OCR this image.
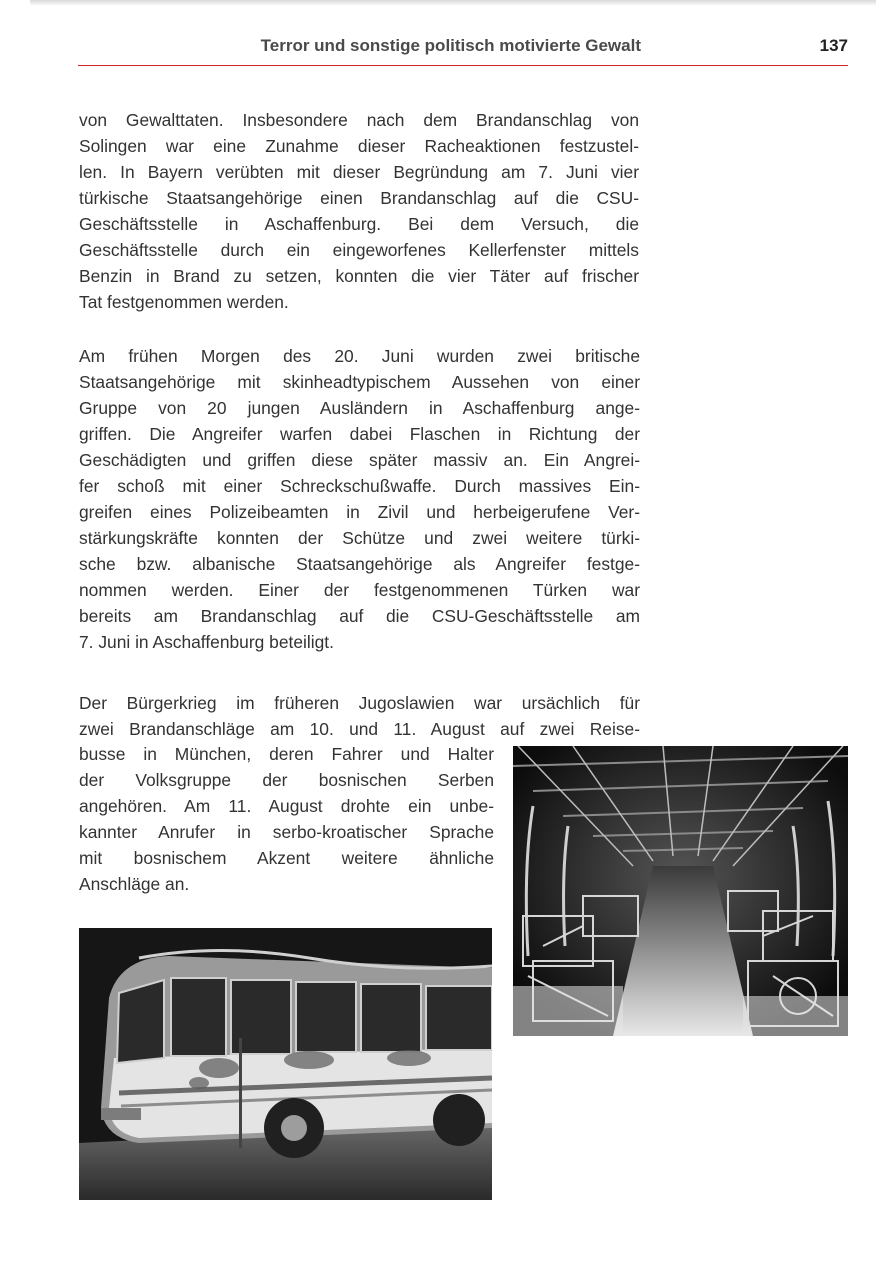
Terror und sonstige politisch motivierte Gewalt	137

von Gewalttaten. Insbesondere nach dem Brandanschlag von
Solingen war eine Zunahme dieser Racheaktionen festzustel-
len. In Bayern verübten mit dieser Begründung am 7. Juni vier
türkische Staatsangehörige einen Brandanschlag auf die CSU-
Geschäftsstelle in Aschaffenburg. Bei dem Versuch, die
Geschäftsstelle durch ein eingeworfenes Kellerfenster mittels
Benzin in Brand zu setzen, konnten die vier Täter auf frischer
Tat festgenommen werden.

Am frühen Morgen des 20. Juni wurden zwei britische
Staatsangehörige mit skinheadtypischem Aussehen von einer
Gruppe von 20 jungen Ausländern in Aschaffenburg ange-
griffen. Die Angreifer warfen dabei Flaschen in Richtung der
Geschädigten und griffen diese später massiv an. Ein Angrei-
fer schoß mit einer Schreckschußwaffe. Durch massives Ein-
greifen eines Polizeibeamten in Zivil und herbeigerufene Ver-
stärkungskräfte konnten der Schütze und zwei weitere türki-
sche bzw. albanische Staatsangehörige als Angreifer festge-
nommen werden. Einer der festgenommenen Türken war
bereits am Brandanschlag auf die CSU-Geschäftsstelle am
7. Juni in Aschaffenburg beteiligt.

Der Bürgerkrieg im früheren Jugoslawien war ursächlich für
zwei Brandanschläge am 10. und 11. August auf zwei Reise-

busse in München, deren Fahrer und Halter
der Volksgruppe der bosnischen Serben
angehören. Am 11. August drohte ein unbe-
kannter Anrufer in serbo-kroatischer Sprache
mit bosnischem Akzent weitere ähnliche
Anschläge an.
